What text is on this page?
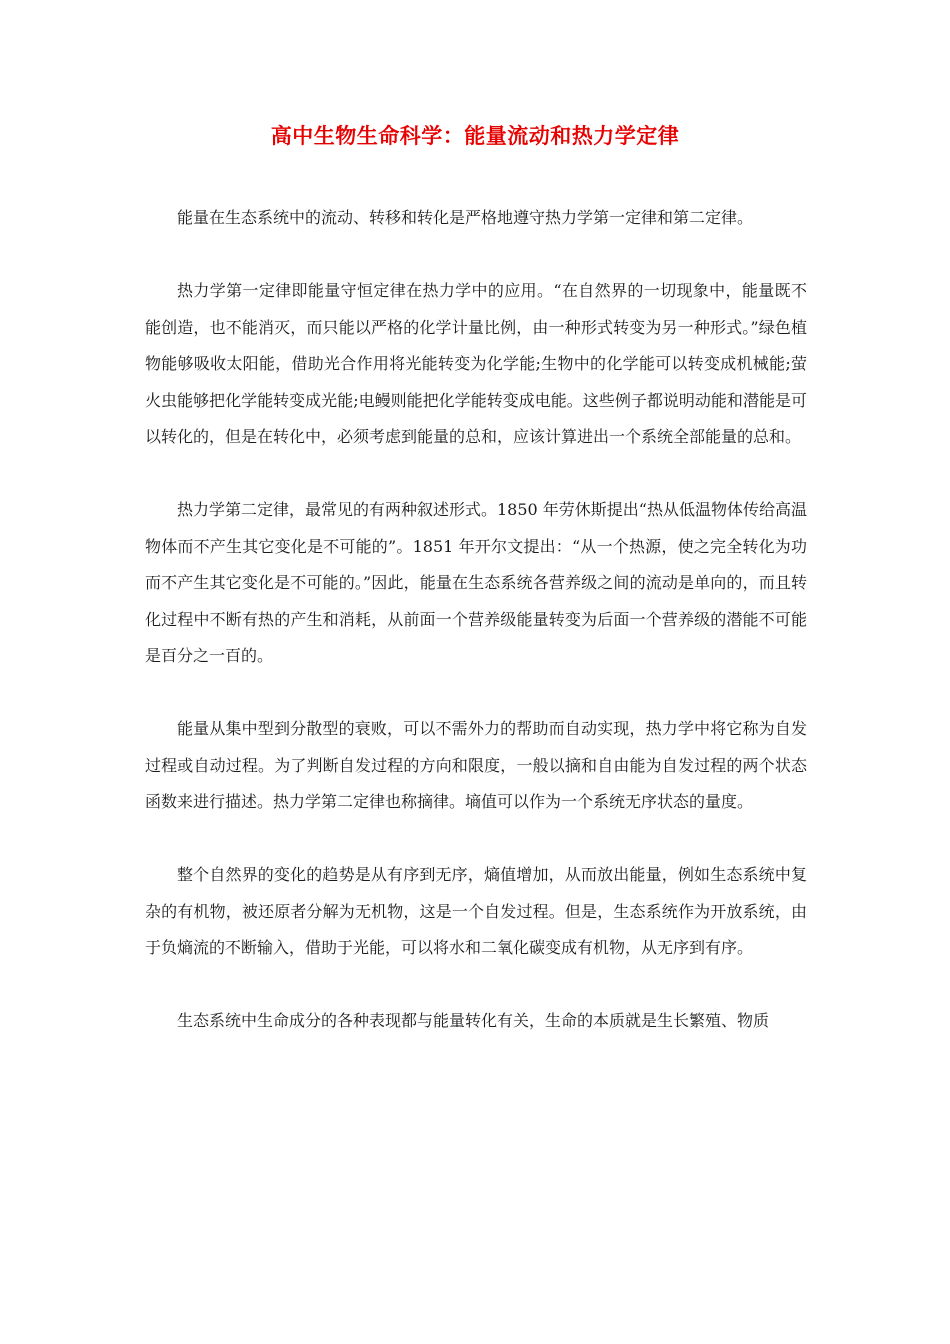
高中生物生命科学：能量流动和热力学定律

能量在生态系统中的流动、转移和转化是严格地遵守热力学第一定律和第二定律。

热力学第一定律即能量守恒定律在热力学中的应用。“在自然界的一切现象中，能量既不能创造，也不能消灭，而只能以严格的化学计量比例，由一种形式转变为另一种形式。”绿色植物能够吸收太阳能，借助光合作用将光能转变为化学能;生物中的化学能可以转变成机械能;萤火虫能够把化学能转变成光能;电鳗则能把化学能转变成电能。这些例子都说明动能和潜能是可以转化的，但是在转化中，必须考虑到能量的总和，应该计算进出一个系统全部能量的总和。

热力学第二定律，最常见的有两种叙述形式。1850 年劳休斯提出“热从低温物体传给高温物体而不产生其它变化是不可能的”。1851 年开尔文提出：“从一个热源，使之完全转化为功而不产生其它变化是不可能的。”因此，能量在生态系统各营养级之间的流动是单向的，而且转化过程中不断有热的产生和消耗，从前面一个营养级能量转变为后面一个营养级的潜能不可能是百分之一百的。

能量从集中型到分散型的衰败，可以不需外力的帮助而自动实现，热力学中将它称为自发过程或自动过程。为了判断自发过程的方向和限度，一般以摘和自由能为自发过程的两个状态函数来进行描述。热力学第二定律也称摘律。墒值可以作为一个系统无序状态的量度。

整个自然界的变化的趋势是从有序到无序，熵值增加，从而放出能量，例如生态系统中复杂的有机物，被还原者分解为无机物，这是一个自发过程。但是，生态系统作为开放系统，由于负熵流的不断输入，借助于光能，可以将水和二氧化碳变成有机物，从无序到有序。

生态系统中生命成分的各种表现都与能量转化有关，生命的本质就是生长繁殖、物质
